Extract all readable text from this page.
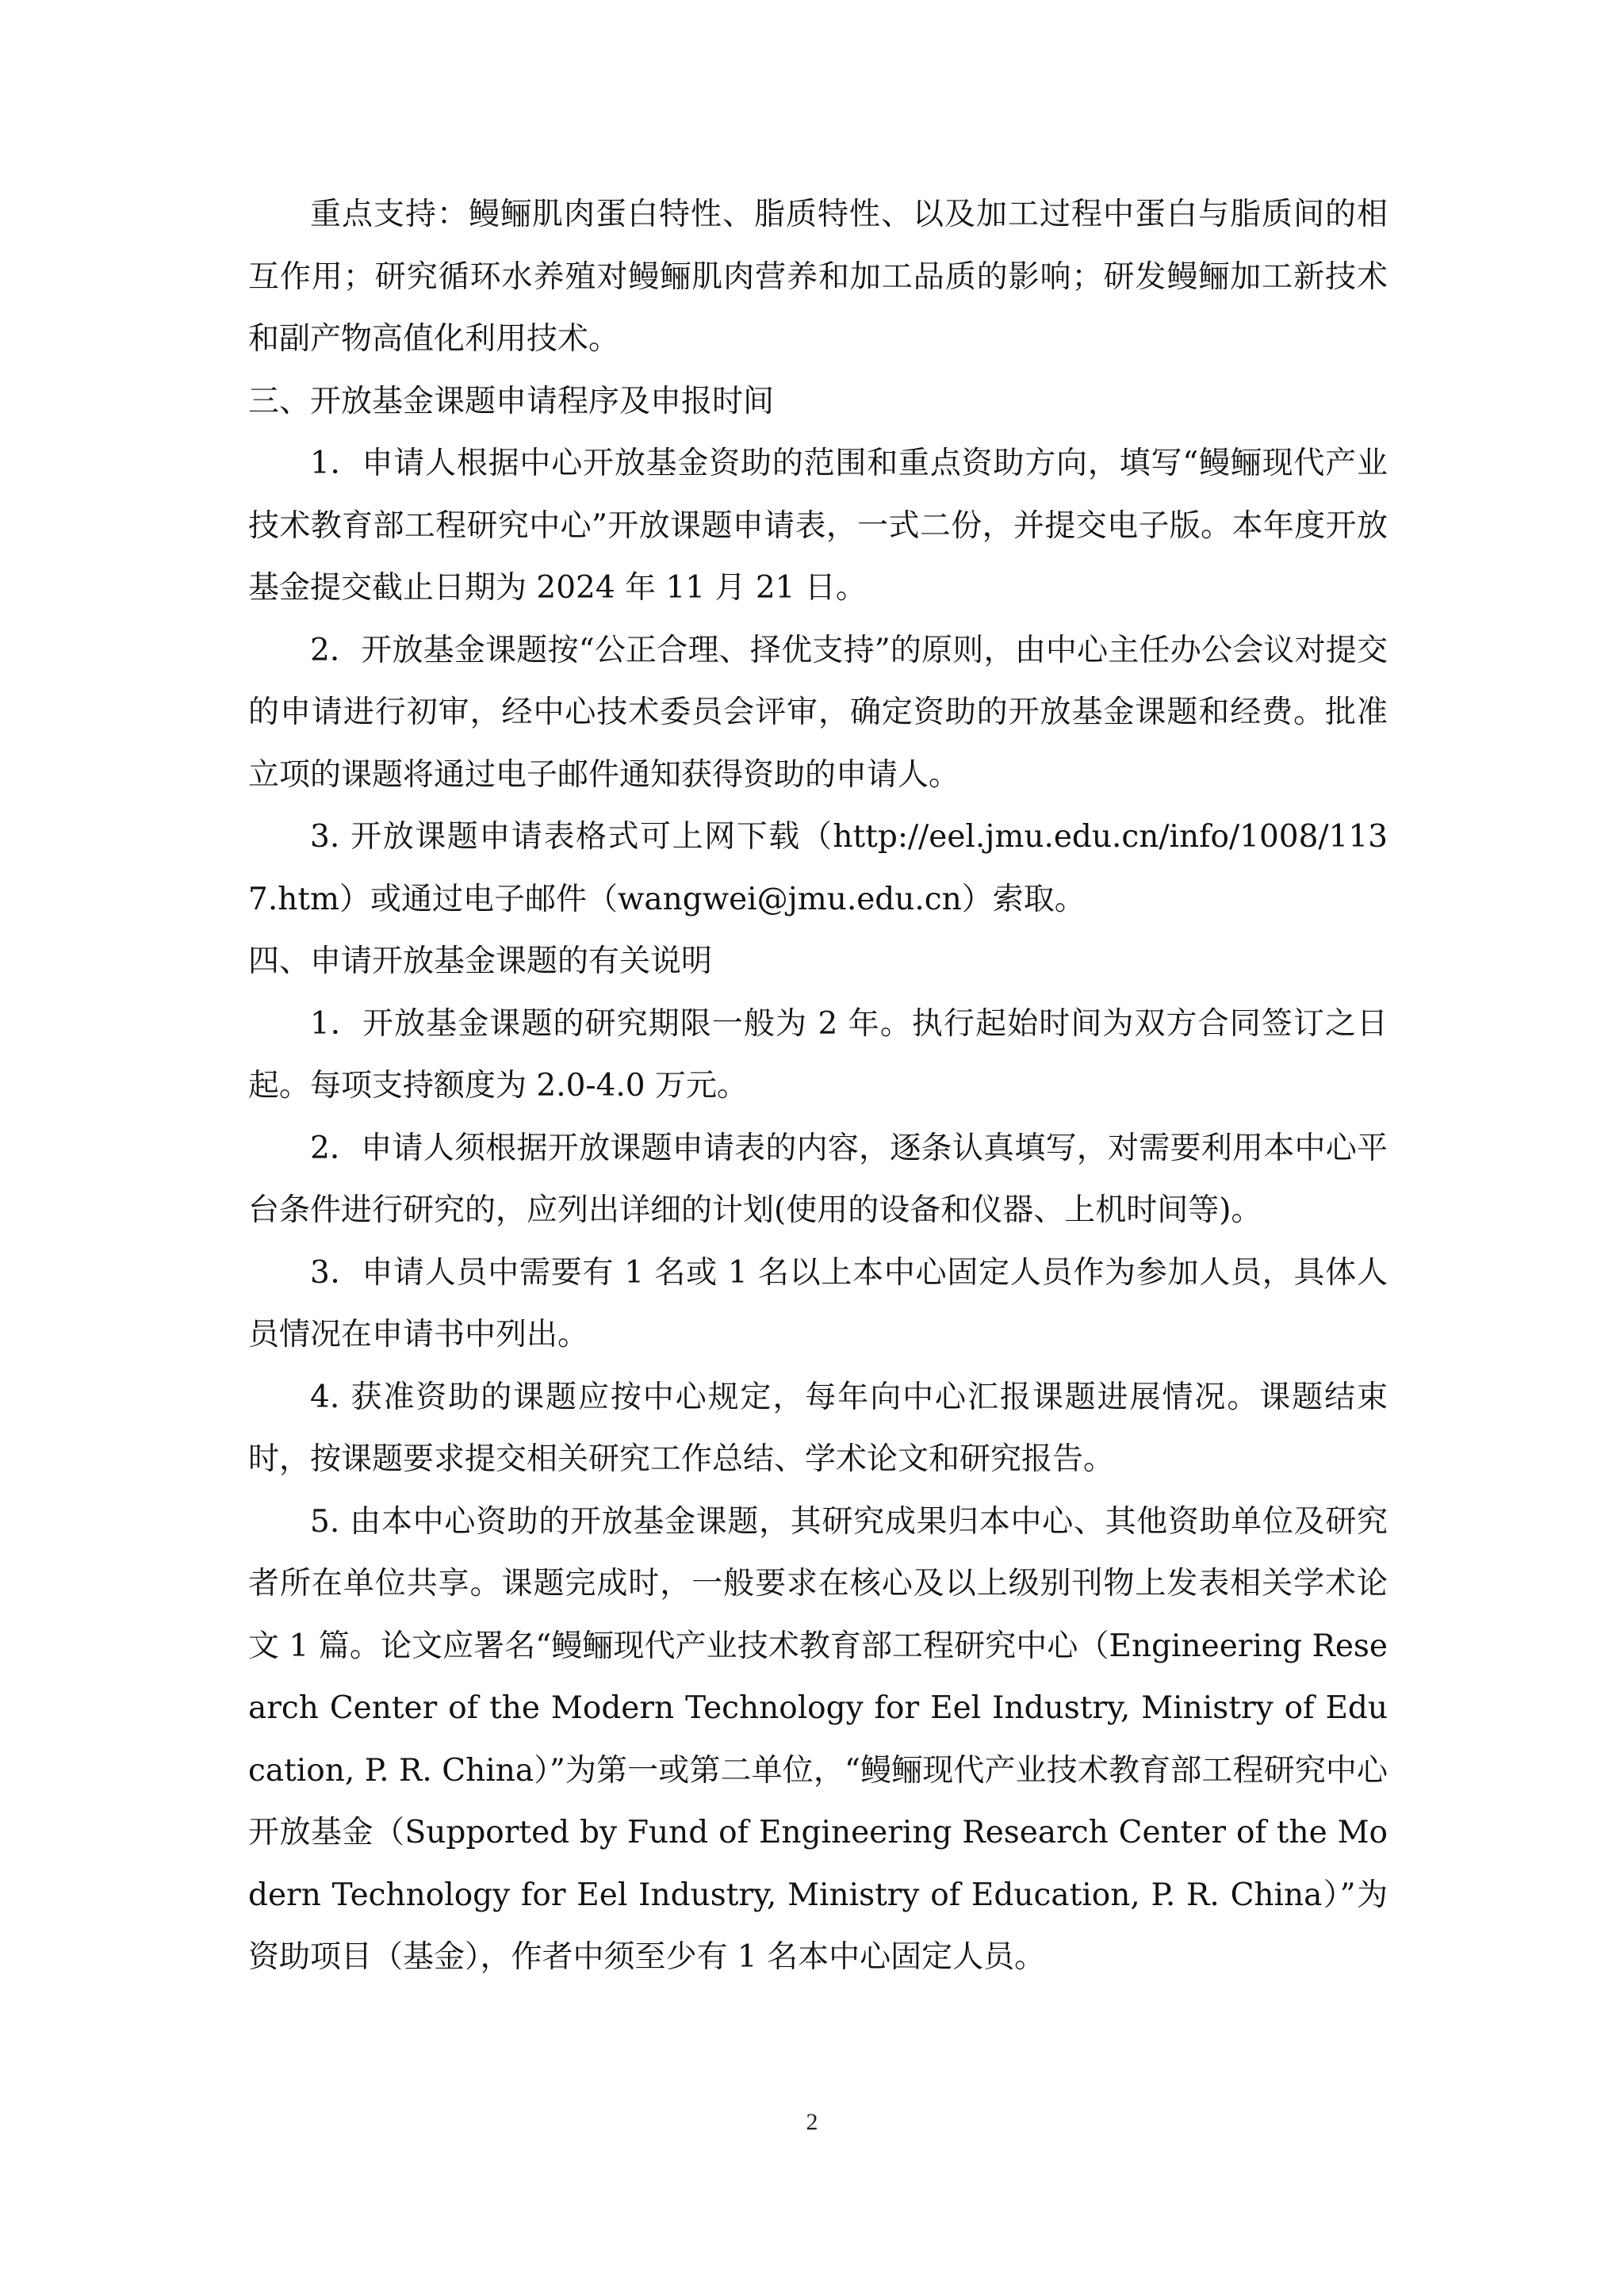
重点支持：鳗鲡肌肉蛋白特性、脂质特性、以及加工过程中蛋白与脂质间的相互作用；研究循环水养殖对鳗鲡肌肉营养和加工品质的影响；研发鳗鲡加工新技术和副产物高值化利用技术。

三、开放基金课题申请程序及申报时间

1．申请人根据中心开放基金资助的范围和重点资助方向，填写“鳗鲡现代产业技术教育部工程研究中心”开放课题申请表，一式二份，并提交电子版。本年度开放基金提交截止日期为 2024 年 11 月 21 日。

2．开放基金课题按“公正合理、择优支持”的原则，由中心主任办公会议对提交的申请进行初审，经中心技术委员会评审，确定资助的开放基金课题和经费。批准立项的课题将通过电子邮件通知获得资助的申请人。

3. 开放课题申请表格式可上网下载（http://eel.jmu.edu.cn/info/1008/1137.htm）或通过电子邮件（wangwei@jmu.edu.cn）索取。

四、申请开放基金课题的有关说明

1．开放基金课题的研究期限一般为 2 年。执行起始时间为双方合同签订之日起。每项支持额度为 2.0-4.0 万元。

2．申请人须根据开放课题申请表的内容，逐条认真填写，对需要利用本中心平台条件进行研究的，应列出详细的计划(使用的设备和仪器、上机时间等)。

3．申请人员中需要有 1 名或 1 名以上本中心固定人员作为参加人员，具体人员情况在申请书中列出。

4. 获准资助的课题应按中心规定，每年向中心汇报课题进展情况。课题结束时，按课题要求提交相关研究工作总结、学术论文和研究报告。

5. 由本中心资助的开放基金课题，其研究成果归本中心、其他资助单位及研究者所在单位共享。课题完成时，一般要求在核心及以上级别刊物上发表相关学术论文 1 篇。论文应署名“鳗鲡现代产业技术教育部工程研究中心（Engineering Research Center of the Modern Technology for Eel Industry, Ministry of Education, P. R. China）”为第一或第二单位，“鳗鲡现代产业技术教育部工程研究中心开放基金（Supported by Fund of Engineering Research Center of the Modern Technology for Eel Industry, Ministry of Education, P. R. China）”为资助项目（基金），作者中须至少有 1 名本中心固定人员。

2
